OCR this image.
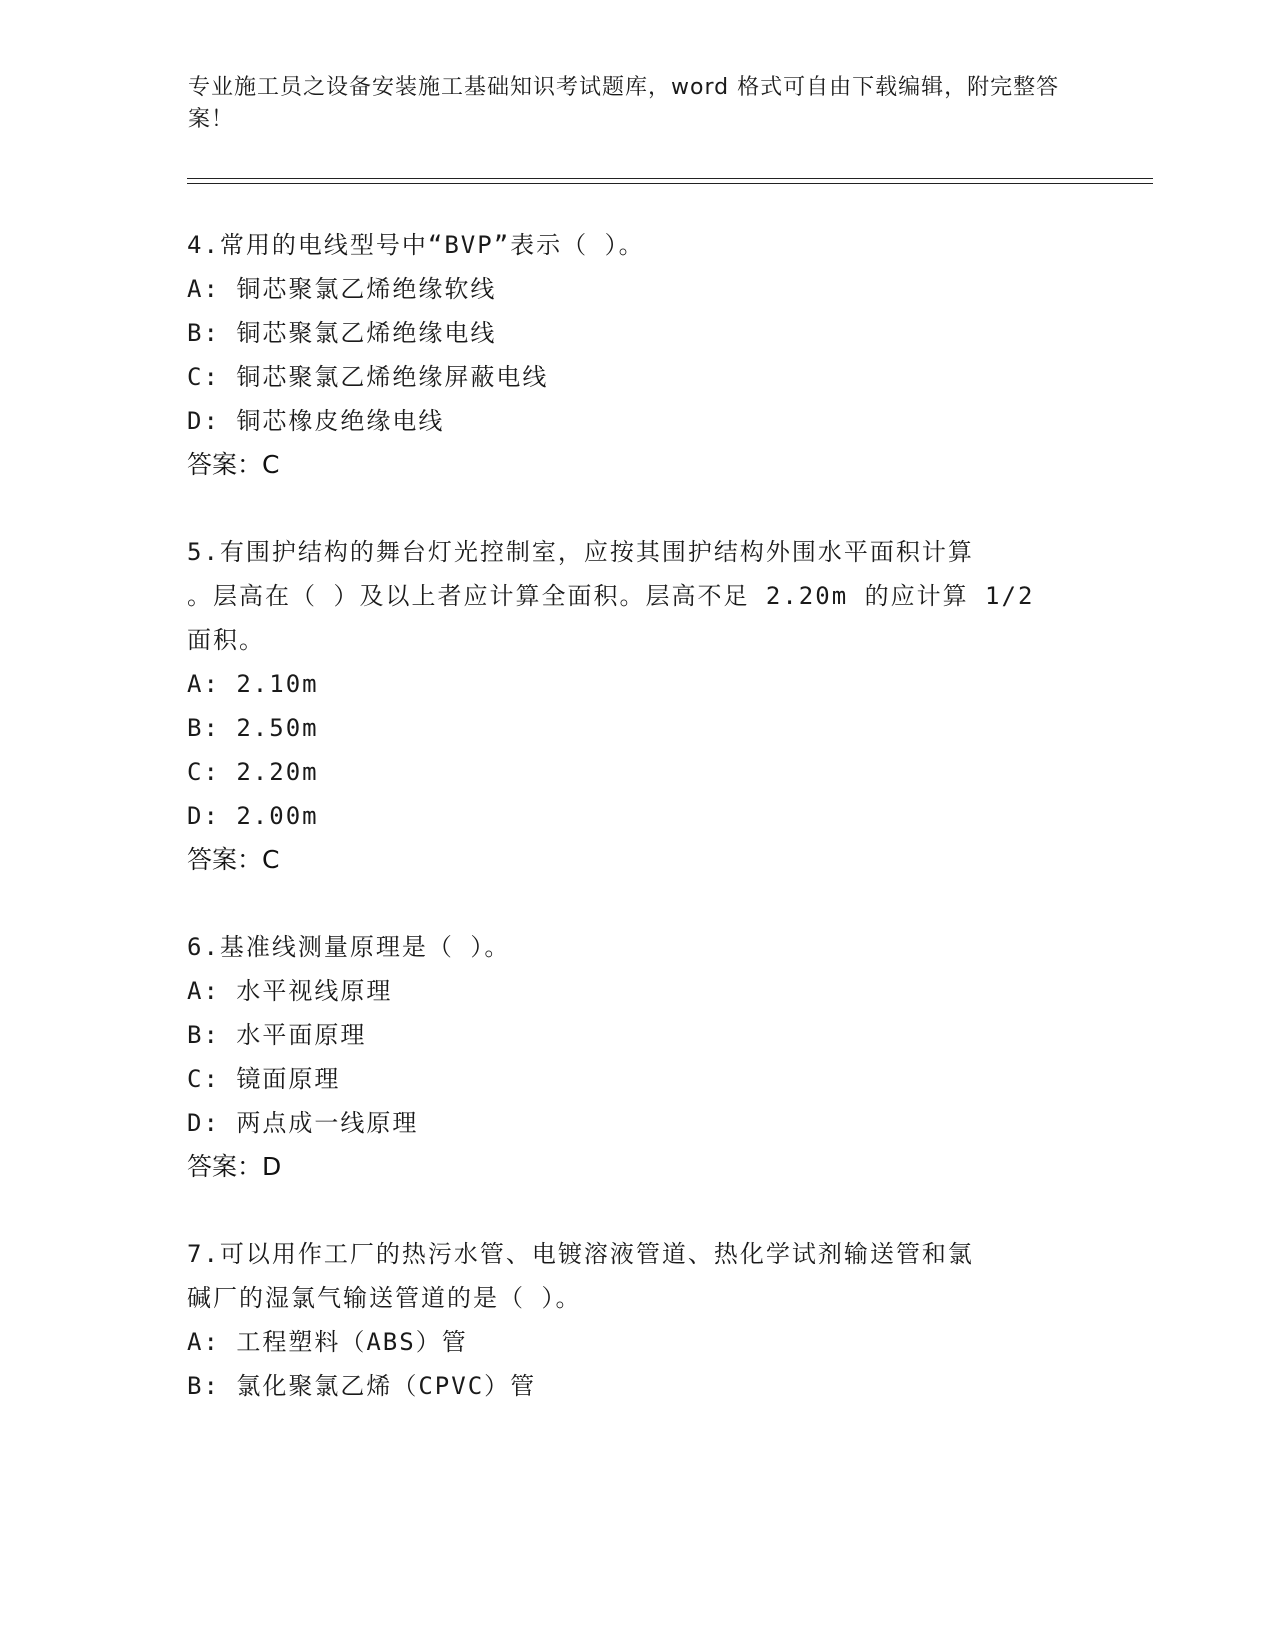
专业施工员之设备安装施工基础知识考试题库，word 格式可自由下载编辑，附完整答案！
4.常用的电线型号中“BVP”表示（ ）。
A: 铜芯聚氯乙烯绝缘软线
B: 铜芯聚氯乙烯绝缘电线
C: 铜芯聚氯乙烯绝缘屏蔽电线
D: 铜芯橡皮绝缘电线
答案：C
5.有围护结构的舞台灯光控制室，应按其围护结构外围水平面积计算
。层高在（ ）及以上者应计算全面积。层高不足 2.20m 的应计算 1/2
面积。
A: 2.10m
B: 2.50m
C: 2.20m
D: 2.00m
答案：C
6.基准线测量原理是（ ）。
A: 水平视线原理
B: 水平面原理
C: 镜面原理
D: 两点成一线原理
答案：D
7.可以用作工厂的热污水管、电镀溶液管道、热化学试剂输送管和氯
碱厂的湿氯气输送管道的是（ ）。
A: 工程塑料（ABS）管
B: 氯化聚氯乙烯（CPVC）管
